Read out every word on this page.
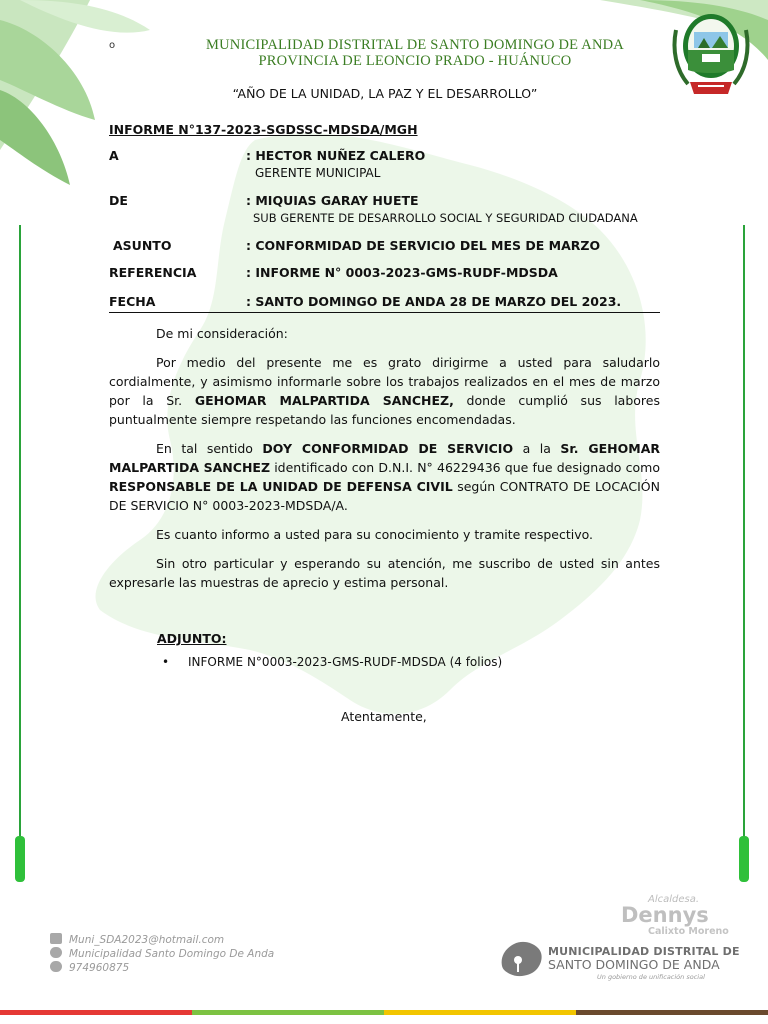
o	MUNICIPALIDAD DISTRITAL DE SANTO DOMINGO DE ANDA
PROVINCIA DE LEONCIO PRADO - HUÁNUCO
“AÑO DE LA UNIDAD, LA PAZ Y EL DESARROLLO”
INFORME N°137-2023-SGDSSC-MDSDA/MGH
A	: HECTOR NUÑEZ CALERO
GERENTE MUNICIPAL
DE	: MIQUIAS GARAY HUETE
SUB GERENTE DE DESARROLLO SOCIAL Y SEGURIDAD CIUDADANA
ASUNTO	: CONFORMIDAD DE SERVICIO DEL MES DE MARZO
REFERENCIA	: INFORME N° 0003-2023-GMS-RUDF-MDSDA
FECHA	: SANTO DOMINGO DE ANDA 28 DE MARZO DEL 2023.

De mi consideración:

Por medio del presente me es grato dirigirme a usted para saludarlo cordialmente, y asimismo informarle sobre los trabajos realizados en el mes de marzo por la Sr. GEHOMAR MALPARTIDA SANCHEZ, donde cumplió sus labores puntualmente siempre respetando las funciones encomendadas.

En tal sentido DOY CONFORMIDAD DE SERVICIO a la Sr. GEHOMAR MALPARTIDA SANCHEZ identificado con D.N.I. N° 46229436 que fue designado como RESPONSABLE DE LA UNIDAD DE DEFENSA CIVIL según CONTRATO DE LOCACIÓN DE SERVICIO N° 0003-2023-MDSDA/A.

Es cuanto informo a usted para su conocimiento y tramite respectivo.

Sin otro particular y esperando su atención, me suscribo de usted sin antes expresarle las muestras de aprecio y estima personal.

ADJUNTO:
• INFORME N°0003-2023-GMS-RUDF-MDSDA (4 folios)
Atentamente,
Muni_SDA2023@hotmail.com
Municipalidad Santo Domingo De Anda
974960875
Alcaldesa.
Dennys
Calixto Moreno
MUNICIPALIDAD DISTRITAL DE
SANTO DOMINGO DE ANDA
Un gobierno de unificación social
